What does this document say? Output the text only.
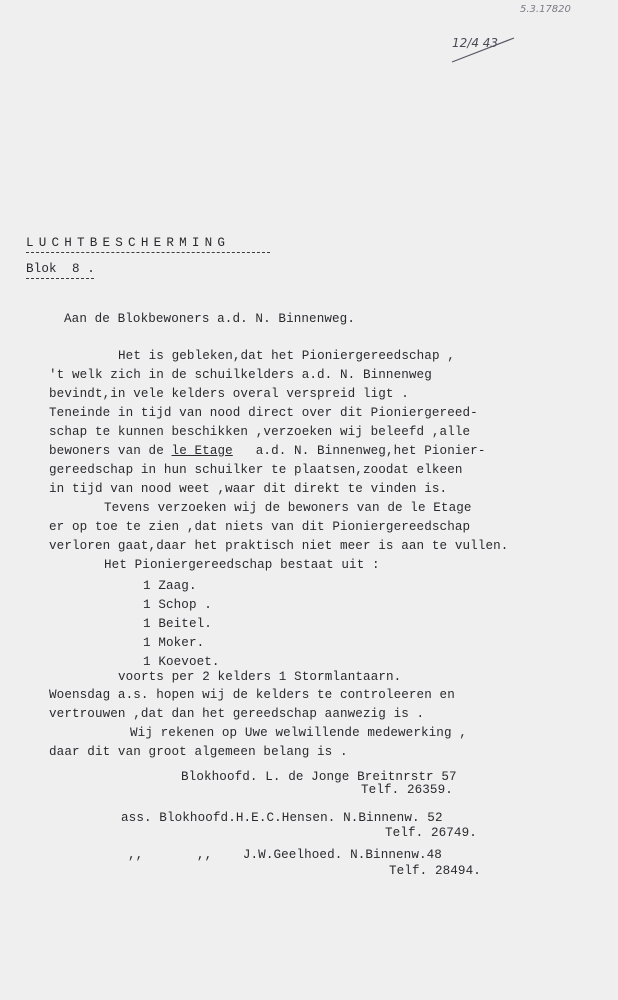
5.3.17820
12/4 43
LUCHTBESCHERMING
Blok  8 .
Aan de Blokbewoners a.d. N. Binnenweg.
Het is gebleken,dat het Pioniergereedschap ,
't welk zich in de schuilkelders a.d. N. Binnenweg
bevindt,in vele kelders overal verspreid ligt .
Teneinde in tijd van nood direct over dit Pioniergereed-
schap te kunnen beschikken ,verzoeken wij beleefd ,alle
bewoners van de le Etage   a.d. N. Binnenweg,het Pionier-
gereedschap in hun schuilker te plaatsen,zoodat elkeen
in tijd van nood weet ,waar dit direkt te vinden is.
Tevens verzoeken wij de bewoners van de le Etage
er op toe te zien ,dat niets van dit Pioniergereedschap
verloren gaat,daar het praktisch niet meer is aan te vullen.
Het Pioniergereedschap bestaat uit :
1 Zaag.
1 Schop .
1 Beitel.
1 Moker.
1 Koevoet.
voorts per 2 kelders 1 Stormlantaarn.
Woensdag a.s. hopen wij de kelders te controleeren en
vertrouwen ,dat dan het gereedschap aanwezig is .
Wij rekenen op Uwe welwillende medewerking ,
daar dit van groot algemeen belang is .
Blokhoofd. L. de Jonge Breitnrstr 57
Telf. 26359.
ass. Blokhoofd.H.E.C.Hensen. N.Binnenw. 52
Telf. 26749.
,,       ,,    J.W.Geelhoed. N.Binnenw.48
Telf. 28494.
